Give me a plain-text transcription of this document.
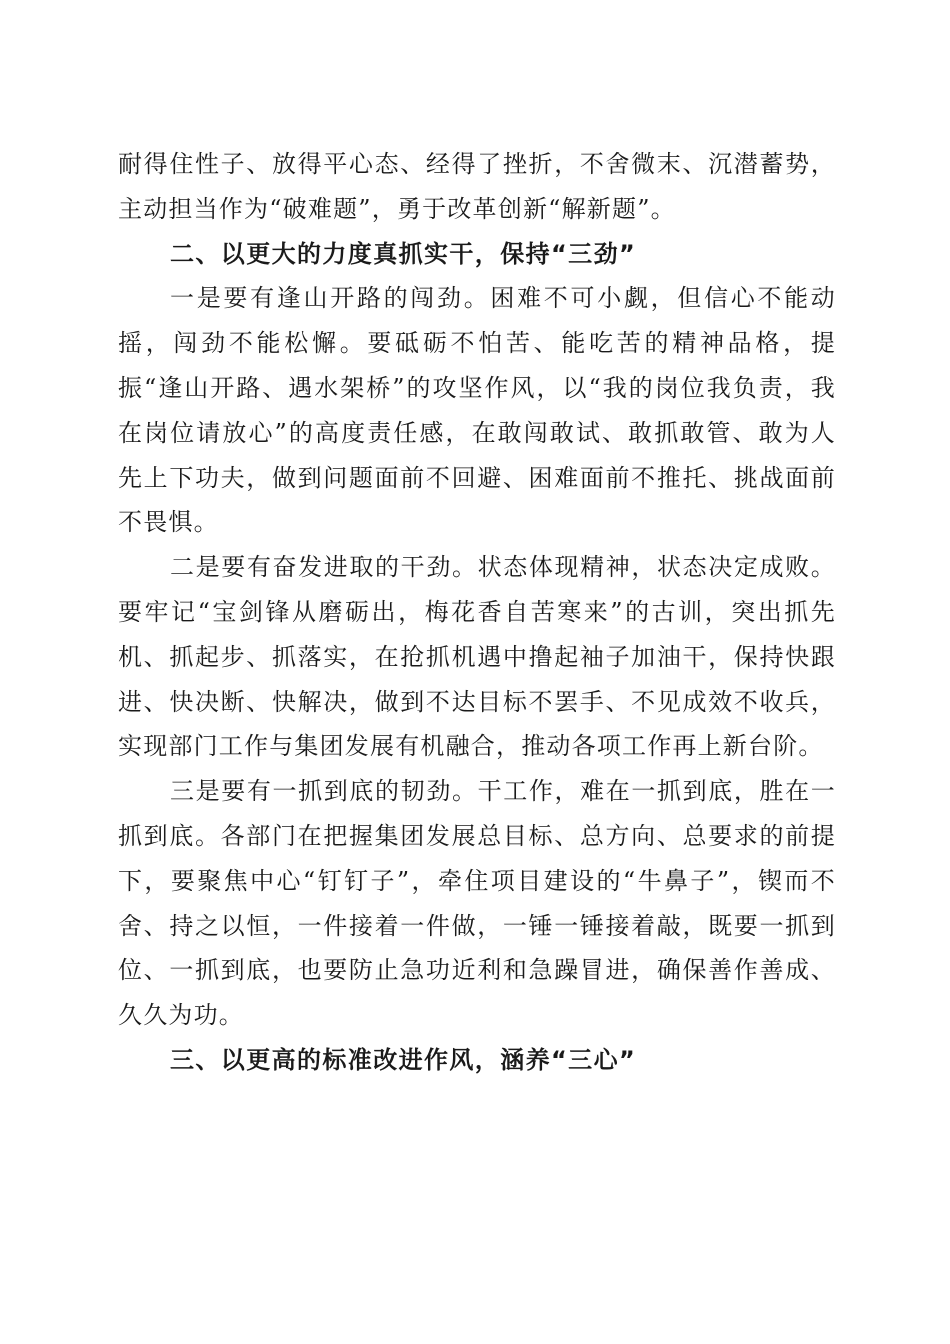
耐得住性子、放得平心态、经得了挫折，不舍微末、沉潜蓄势，主动担当作为“破难题”，勇于改革创新“解新题”。

二、以更大的力度真抓实干，保持“三劲”

一是要有逢山开路的闯劲。困难不可小觑，但信心不能动摇，闯劲不能松懈。要砥砺不怕苦、能吃苦的精神品格，提振“逢山开路、遇水架桥”的攻坚作风，以“我的岗位我负责，我在岗位请放心”的高度责任感，在敢闯敢试、敢抓敢管、敢为人先上下功夫，做到问题面前不回避、困难面前不推托、挑战面前不畏惧。

二是要有奋发进取的干劲。状态体现精神，状态决定成败。要牢记“宝剑锋从磨砺出，梅花香自苦寒来”的古训，突出抓先机、抓起步、抓落实，在抢抓机遇中撸起袖子加油干，保持快跟进、快决断、快解决，做到不达目标不罢手、不见成效不收兵，实现部门工作与集团发展有机融合，推动各项工作再上新台阶。

三是要有一抓到底的韧劲。干工作，难在一抓到底，胜在一抓到底。各部门在把握集团发展总目标、总方向、总要求的前提下，要聚焦中心“钉钉子”，牵住项目建设的“牛鼻子”，锲而不舍、持之以恒，一件接着一件做，一锤一锤接着敲，既要一抓到位、一抓到底，也要防止急功近利和急躁冒进，确保善作善成、久久为功。

三、以更高的标准改进作风，涵养“三心”
